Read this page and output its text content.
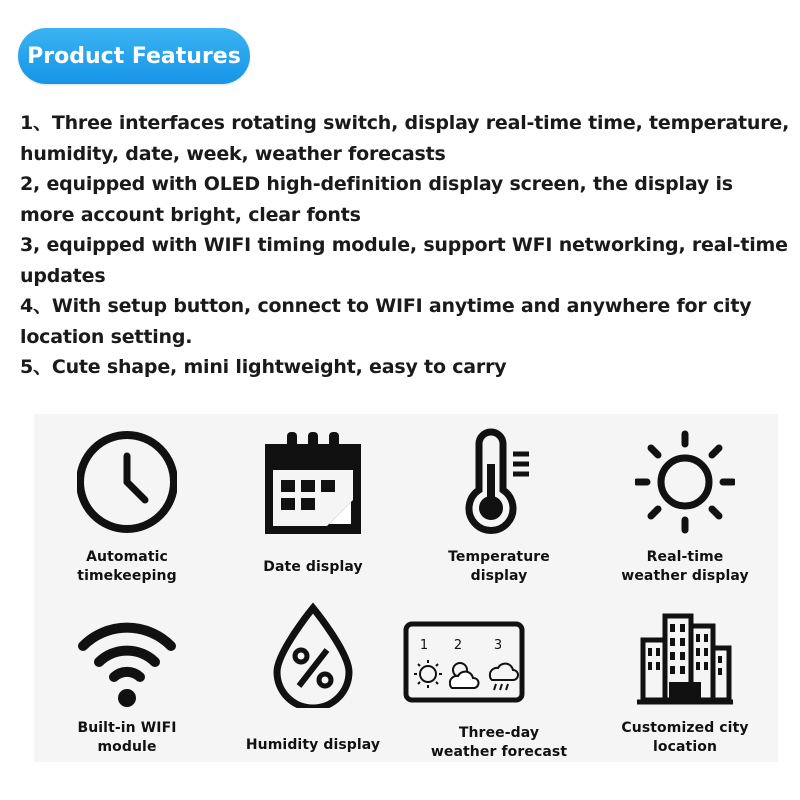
Product Features

1、Three interfaces rotating switch, display real-time time, temperature, humidity, date, week, weather forecasts

2, equipped with OLED high-definition display screen, the display is more account bright, clear fonts

3, equipped with WIFI timing module, support WFI networking, real-time updates

4、With setup button, connect to WIFI anytime and anywhere for city location setting.

5、Cute shape, mini lightweight, easy to carry

Automatic
timekeeping
Date display
Temperature
display
Real-time
weather display
Built-in WIFI
module	Humidity display
1 2 3
Three-day
weather forecast
Customized city
location
